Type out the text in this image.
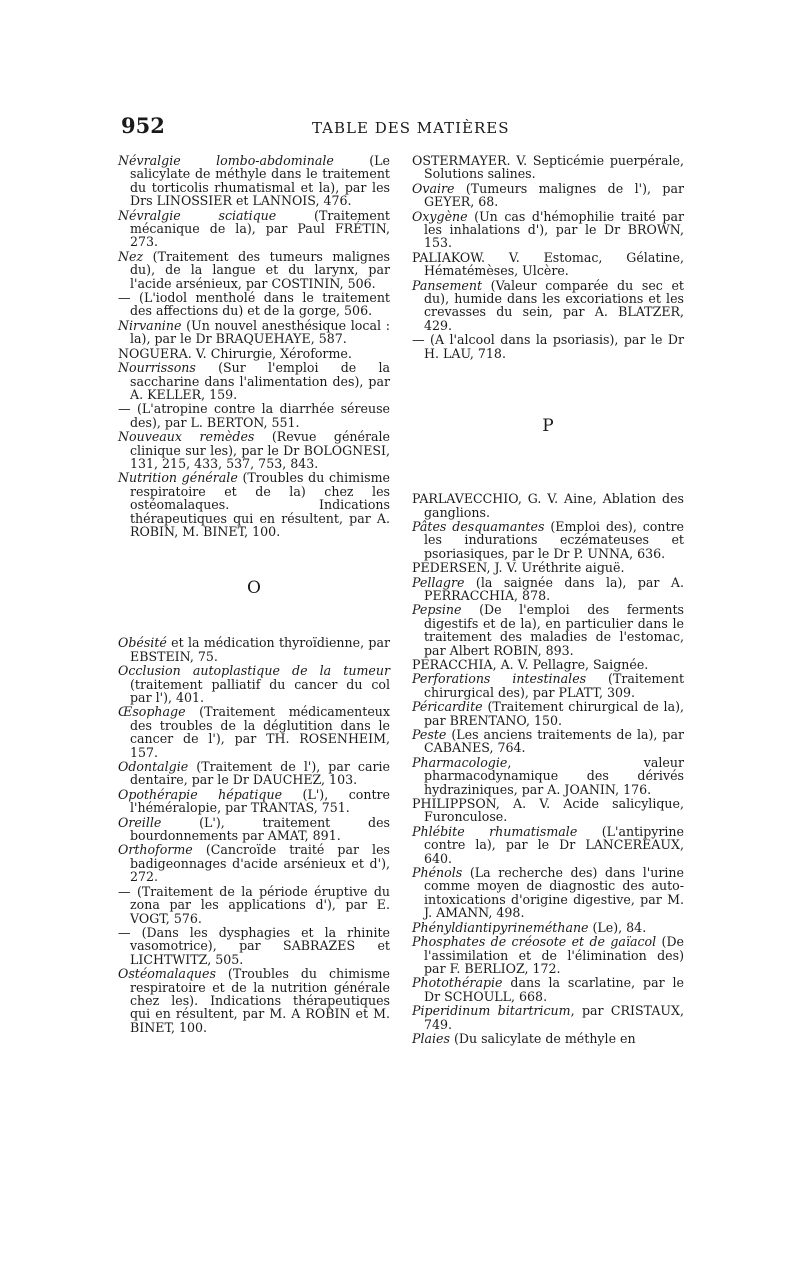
952	TABLE DES MATIÈRES

Névralgie lombo-abdominale (Le salicylate de méthyle dans le traitement du torticolis rhumatismal et la), par les Drs LINOSSIER et LANNOIS, 476.

Névralgie sciatique (Traitement mécanique de la), par Paul FRÉTIN, 273.

Nez (Traitement des tumeurs malignes du), de la langue et du larynx, par l'acide arsénieux, par COSTININ, 506.

— (L'iodol mentholé dans le traitement des affections du) et de la gorge, 506.

Nirvanine (Un nouvel anesthésique local : la), par le Dr BRAQUEHAYE, 587.

NOGUERA. V. Chirurgie, Xéroforme.

Nourrissons (Sur l'emploi de la saccharine dans l'alimentation des), par A. KELLER, 159.

— (L'atropine contre la diarrhée séreuse des), par L. BERTON, 551.

Nouveaux remèdes (Revue générale clinique sur les), par le Dr BOLOGNESI, 131, 215, 433, 537, 753, 843.

Nutrition générale (Troubles du chimisme respiratoire et de la) chez les ostéomalaques. Indications thérapeutiques qui en résultent, par A. ROBIN, M. BINET, 100.

O

Obésité et la médication thyroïdienne, par EBSTEIN, 75.

Occlusion autoplastique de la tumeur (traitement palliatif du cancer du col par l'), 401.

Œsophage (Traitement médicamenteux des troubles de la déglutition dans le cancer de l'), par TH. ROSENHEIM, 157.

Odontalgie (Traitement de l'), par carie dentaire, par le Dr DAUCHEZ, 103.

Opothérapie hépatique (L'), contre l'héméralopie, par TRANTAS, 751.

Oreille (L'), traitement des bourdonnements par AMAT, 891.

Orthoforme (Cancroïde traité par les badigeonnages d'acide arsénieux et d'), 272.

— (Traitement de la période éruptive du zona par les applications d'), par E. VOGT, 576.

— (Dans les dysphagies et la rhinite vasomotrice), par SABRAZES et LICHTWITZ, 505.

Ostéomalaques (Troubles du chimisme respiratoire et de la nutrition générale chez les). Indications thérapeutiques qui en résultent, par M. A ROBIN et M. BINET, 100.

OSTERMAYER. V. Septicémie puerpérale, Solutions salines.

Ovaire (Tumeurs malignes de l'), par GEYER, 68.

Oxygène (Un cas d'hémophilie traité par les inhalations d'), par le Dr BROWN, 153.

PALIAKOW. V. Estomac, Gélatine, Hématémèses, Ulcère.

Pansement (Valeur comparée du sec et du), humide dans les excoriations et les crevasses du sein, par A. BLATZER, 429.

— (A l'alcool dans la psoriasis), par le Dr H. LAU, 718.

P

PARLAVECCHIO, G. V. Aine, Ablation des ganglions.

Pâtes desquamantes (Emploi des), contre les indurations eczémateuses et psoriasiques, par le Dr P. UNNA, 636.

PEDERSEN, J. V. Uréthrite aiguë.

Pellagre (la saignée dans la), par A. PERRACCHIA, 878.

Pepsine (De l'emploi des ferments digestifs et de la), en particulier dans le traitement des maladies de l'estomac, par Albert ROBIN, 893.

PERACCHIA, A. V. Pellagre, Saignée.

Perforations intestinales (Traitement chirurgical des), par PLATT, 309.

Péricardite (Traitement chirurgical de la), par BRENTANO, 150.

Peste (Les anciens traitements de la), par CABANES, 764.

Pharmacologie, valeur pharmacodynamique des dérivés hydraziniques, par A. JOANIN, 176.

PHILIPPSON, A. V. Acide salicylique, Furonculose.

Phlébite rhumatismale (L'antipyrine contre la), par le Dr LANCEREAUX, 640.

Phénols (La recherche des) dans l'urine comme moyen de diagnostic des auto-intoxications d'origine digestive, par M. J. AMANN, 498.

Phényldiantipyrineméthane (Le), 84.

Phosphates de créosote et de gaïacol (De l'assimilation et de l'élimination des) par F. BERLIOZ, 172.

Photothérapie dans la scarlatine, par le Dr SCHOULL, 668.

Piperidinum bitartricum, par CRISTAUX, 749.

Plaies (Du salicylate de méthyle en
